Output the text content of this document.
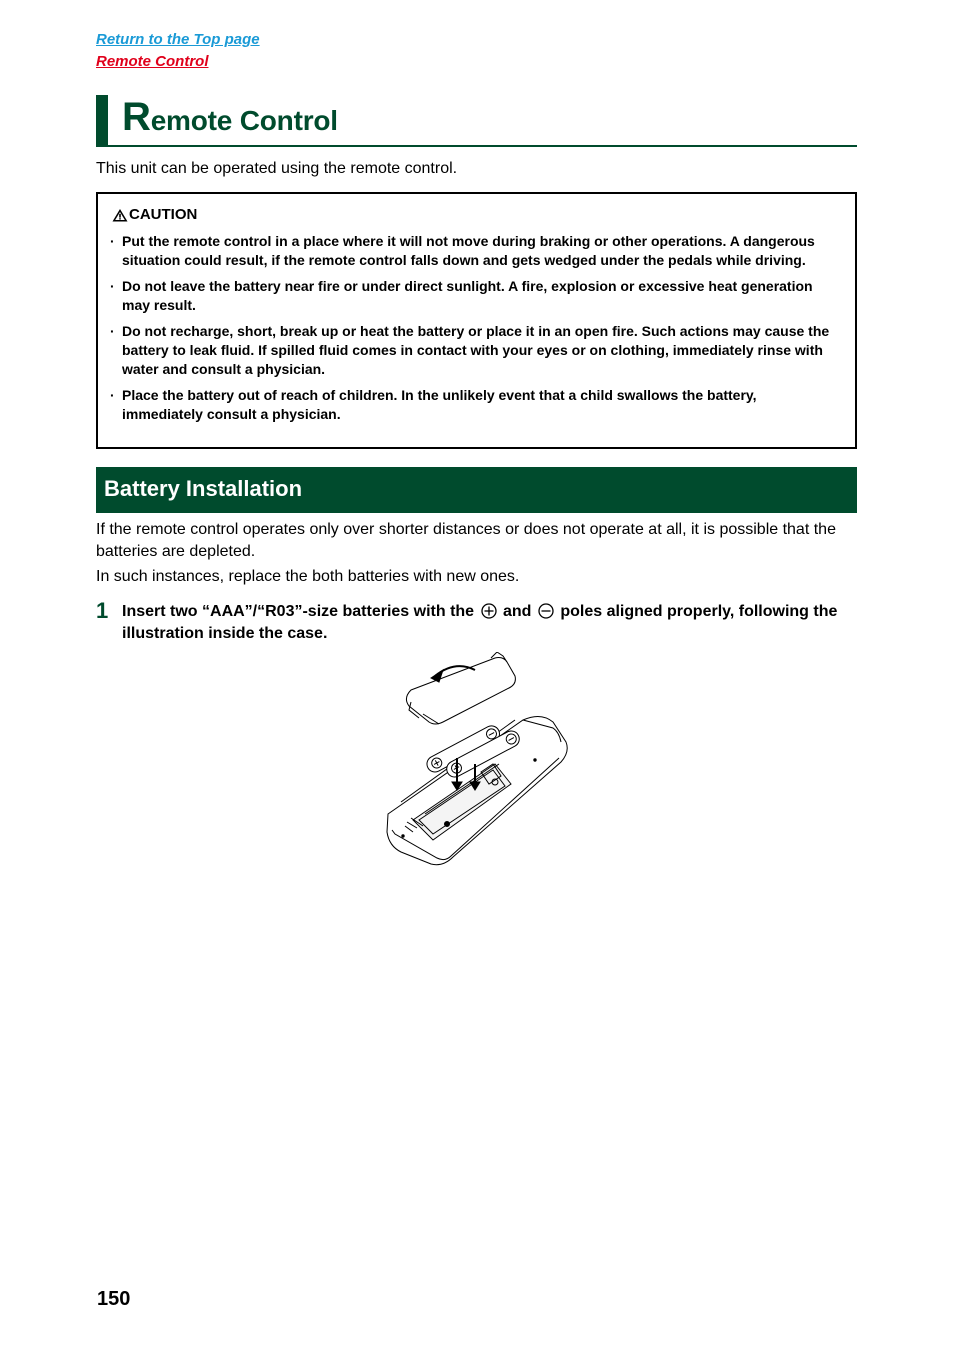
Return to the Top page
Remote Control
Remote Control
This unit can be operated using the remote control.
CAUTION
· Put the remote control in a place where it will not move during braking or other operations. A dangerous situation could result, if the remote control falls down and gets wedged under the pedals while driving.
· Do not leave the battery near fire or under direct sunlight. A fire, explosion or excessive heat generation may result.
· Do not recharge, short, break up or heat the battery or place it in an open fire. Such actions may cause the battery to leak fluid. If spilled fluid comes in contact with your eyes or on clothing, immediately rinse with water and consult a physician.
· Place the battery out of reach of children. In the unlikely event that a child swallows the battery, immediately consult a physician.
Battery Installation
If the remote control operates only over shorter distances or does not operate at all, it is possible that the batteries are depleted.
In such instances, replace the both batteries with new ones.
1 Insert two “AAA”/“R03”-size batteries with the and poles aligned properly, following the illustration inside the case.
150
